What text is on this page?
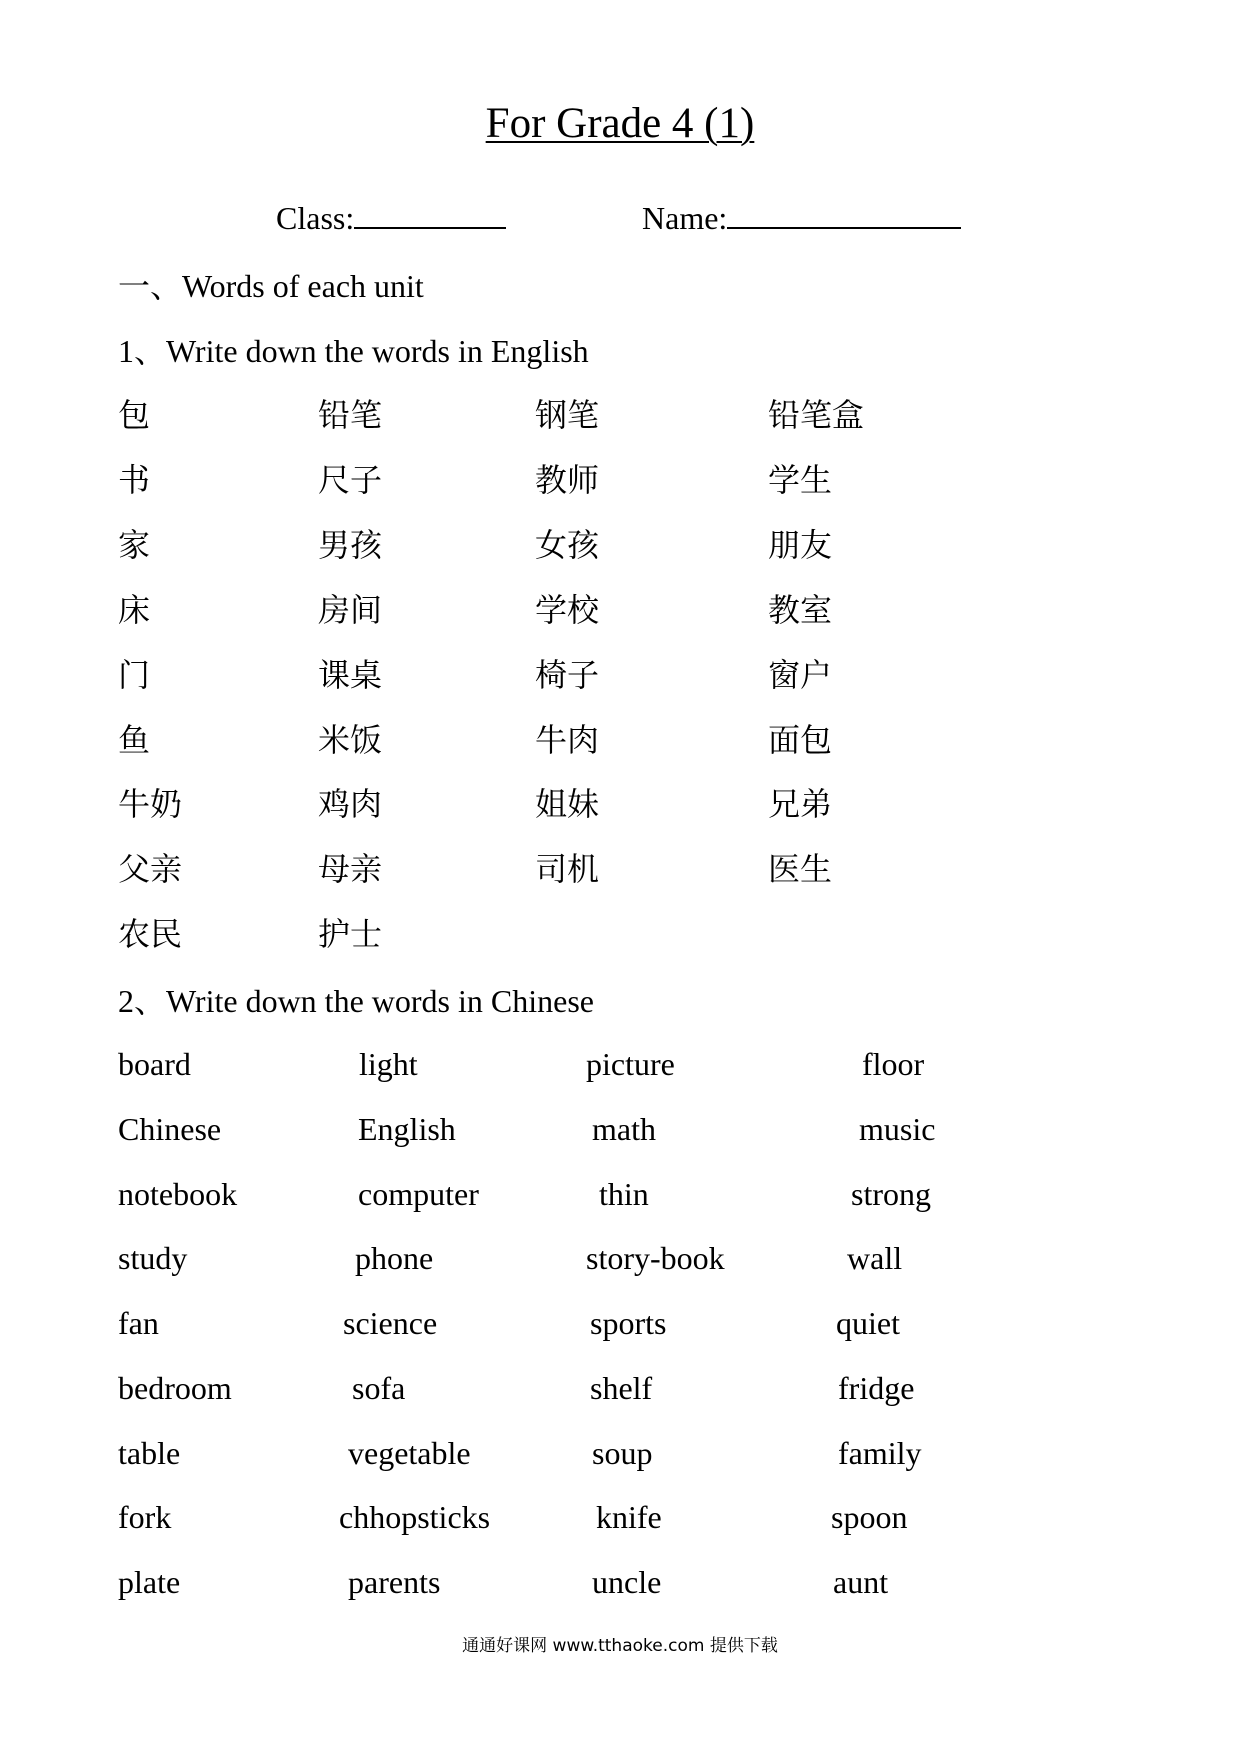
For Grade 4 (1)
Class:	Name:
一、Words of each unit
1、Write down the words in English
包	铅笔	钢笔	铅笔盒
书	尺子	教师	学生
家	男孩	女孩	朋友
床	房间	学校	教室
门	课桌	椅子	窗户
鱼	米饭	牛肉	面包
牛奶	鸡肉	姐妹	兄弟
父亲	母亲	司机	医生
农民	护士
2、Write down the words in Chinese
board	light	picture	floor
Chinese	English	math	music
notebook	computer	thin	strong
study	phone	story-book	wall
fan	science	sports	quiet
bedroom	sofa	shelf	fridge
table	vegetable	soup	family
fork	chhopsticks	knife	spoon
plate	parents	uncle	aunt
通通好课网 www.tthaoke.com 提供下载
